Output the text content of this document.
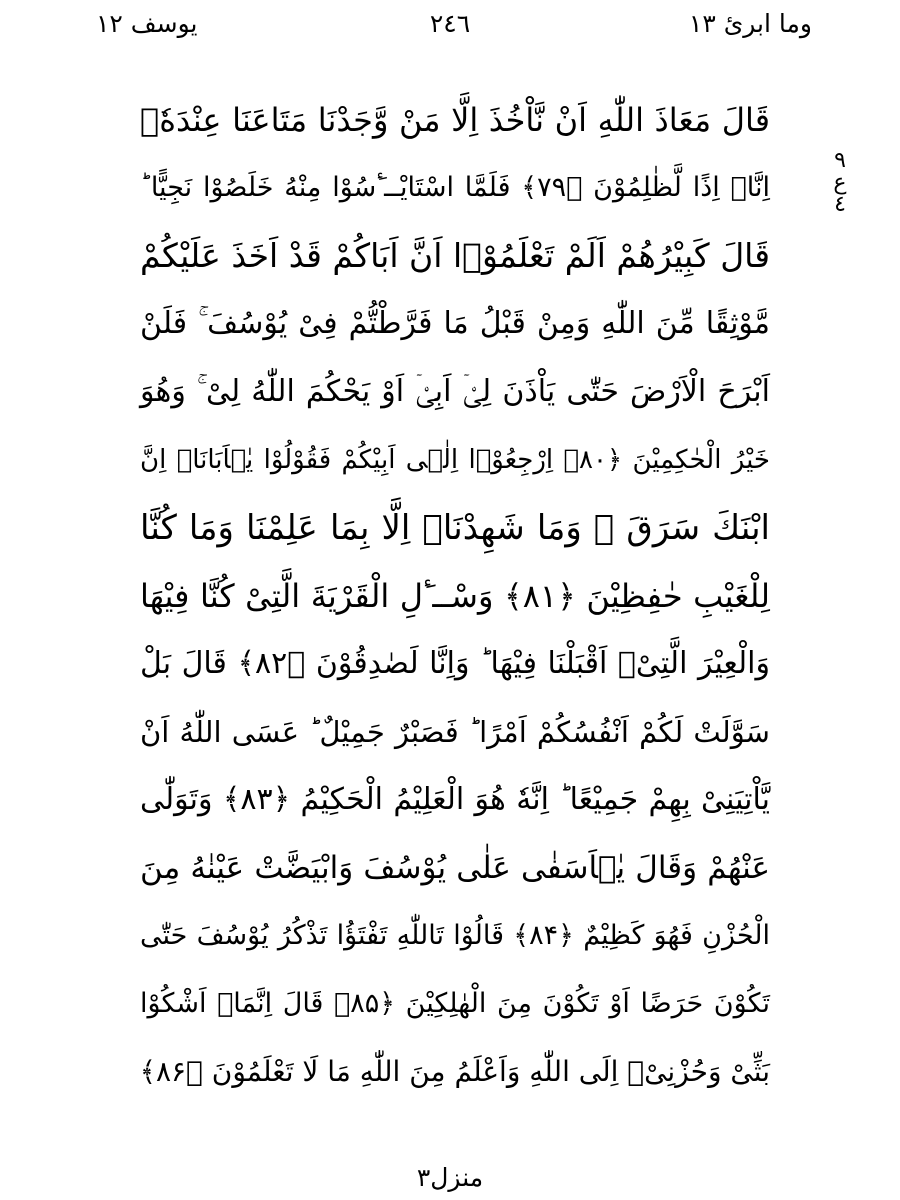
يوسف ١٢	٢٤٦	وما ابرئ ١٣
٩
ع
٤
قَالَ مَعَاذَ اللّٰهِ اَنْ نَّاْخُذَ اِلَّا مَنْ وَّجَدْنَا مَتَاعَنَا عِنْدَهٗۤ
اِنَّاۤ اِذًا لَّظٰلِمُوْنَ ﴿۷۹﴾ فَلَمَّا اسْتَايْــٴَسُوْا مِنْهُ خَلَصُوْا نَجِيًّا ؕ
قَالَ كَبِيْرُهُمْ اَلَمْ تَعْلَمُوْۤا اَنَّ اَبَاكُمْ قَدْ اَخَذَ عَلَيْكُمْ
مَّوْثِقًا مِّنَ اللّٰهِ وَمِنْ قَبْلُ مَا فَرَّطْتُّمْ فِىْ يُوْسُفَ ۚ فَلَنْ
اَبْرَحَ الْاَرْضَ حَتّٰى يَاْذَنَ لِىْۤ اَبِىْۤ اَوْ يَحْكُمَ اللّٰهُ لِىْ ۚ وَهُوَ
خَيْرُ الْحٰكِمِيْنَ ﴿۸۰﴾ اِرْجِعُوْۤا اِلٰۤى اَبِيْكُمْ فَقُوْلُوْا يٰۤاَبَانَاۤ اِنَّ
ابْنَكَ سَرَقَ ۚ وَمَا شَهِدْنَاۤ اِلَّا بِمَا عَلِمْنَا وَمَا كُنَّا
لِلْغَيْبِ حٰفِظِيْنَ ﴿۸۱﴾ وَسْــٴَلِ الْقَرْيَةَ الَّتِىْ كُنَّا فِيْهَا
وَالْعِيْرَ الَّتِىْۤ اَقْبَلْنَا فِيْهَا ؕ وَاِنَّا لَصٰدِقُوْنَ ﴿۸۲﴾ قَالَ بَلْ
سَوَّلَتْ لَكُمْ اَنْفُسُكُمْ اَمْرًا ؕ فَصَبْرٌ جَمِيْلٌ ؕ عَسَى اللّٰهُ اَنْ
يَّاْتِيَنِىْ بِهِمْ جَمِيْعًا ؕ اِنَّهٗ هُوَ الْعَلِيْمُ الْحَكِيْمُ ﴿۸۳﴾ وَتَوَلّٰى
عَنْهُمْ وَقَالَ يٰۤاَسَفٰى عَلٰى يُوْسُفَ وَابْيَضَّتْ عَيْنٰهُ مِنَ
الْحُزْنِ فَهُوَ كَظِيْمٌ ﴿۸۴﴾ قَالُوْا تَاللّٰهِ تَفْتَؤُا تَذْكُرُ يُوْسُفَ حَتّٰى
تَكُوْنَ حَرَضًا اَوْ تَكُوْنَ مِنَ الْهٰلِكِيْنَ ﴿۸۵﴾ قَالَ اِنَّمَاۤ اَشْكُوْا
بَثِّىْ وَحُزْنِىْۤ اِلَى اللّٰهِ وَاَعْلَمُ مِنَ اللّٰهِ مَا لَا تَعْلَمُوْنَ ﴿۸۶﴾
منزل٣
